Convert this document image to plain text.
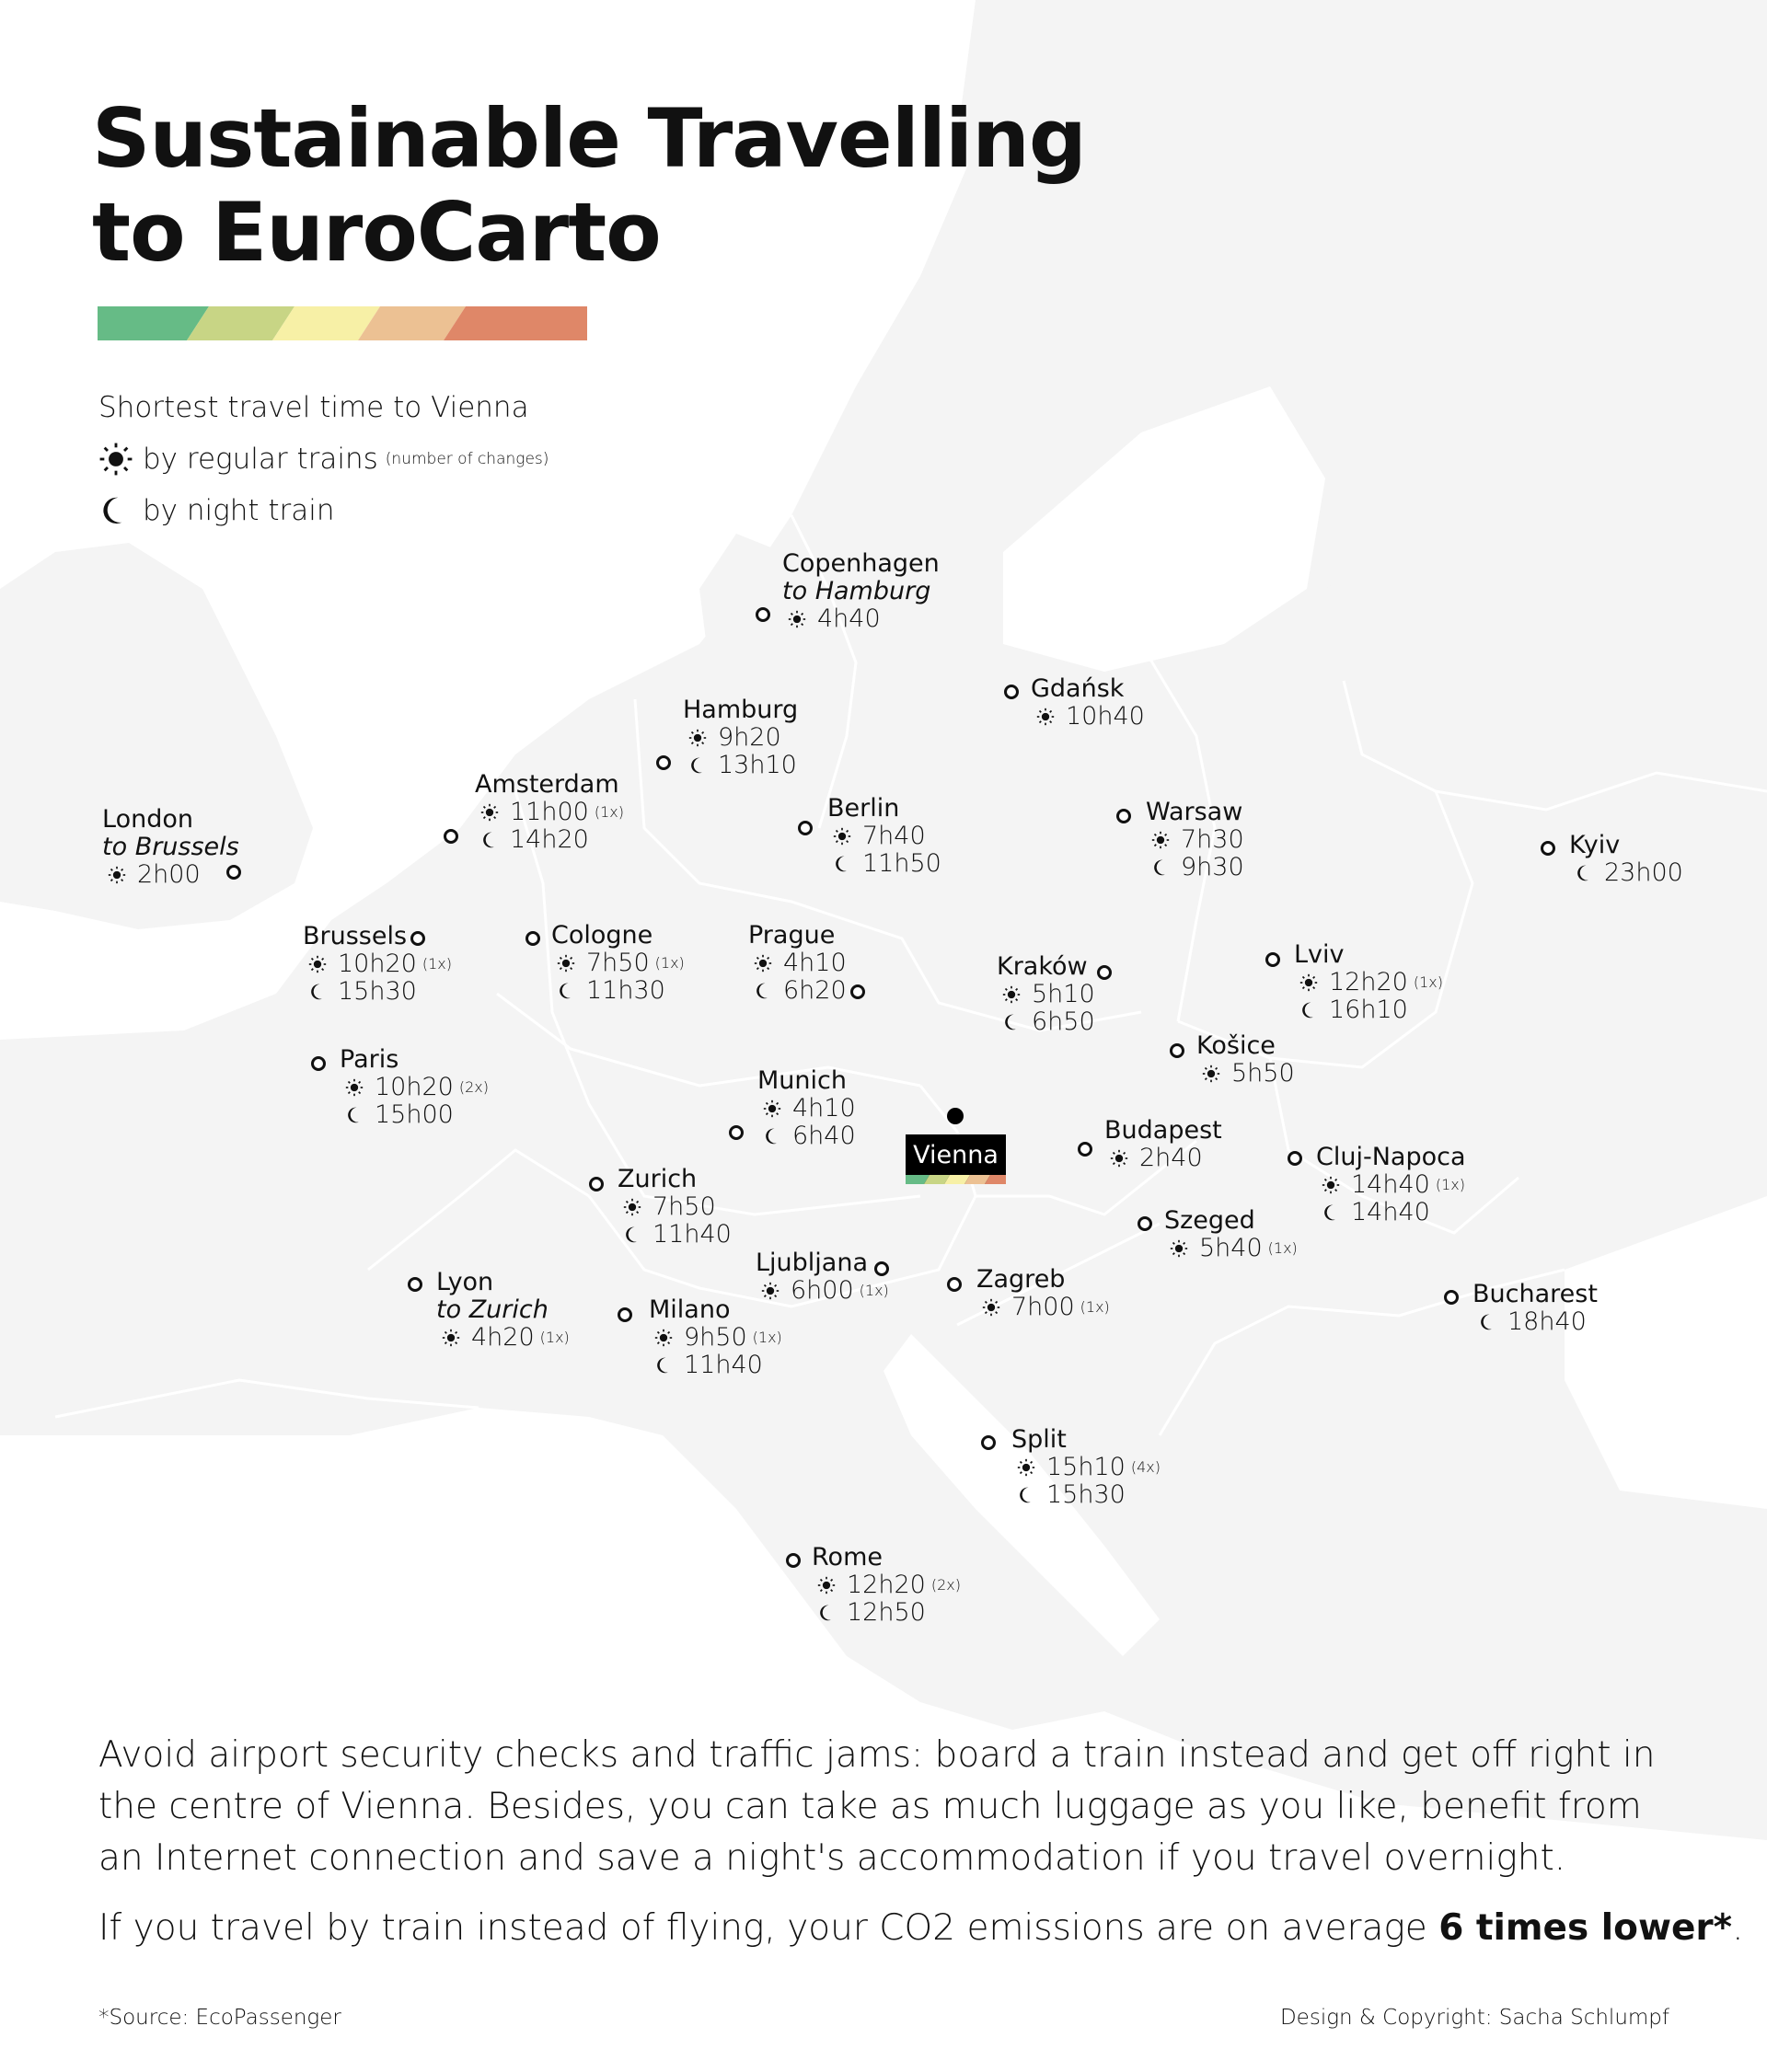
Sustainable Travelling
to EuroCarto
Shortest travel time to Vienna
by regular trains (number of changes)
by night train
Copenhagen
to Hamburg
4h40
Hamburg
9h20
13h10
Gdańsk
10h40
Amsterdam
11h00 (1x)
14h20
London
to Brussels
2h00
Berlin
7h40
11h50
Warsaw
7h30
9h30
Kyiv
23h00
Brussels
10h20 (1x)
15h30
Cologne
7h50 (1x)
11h30
Prague
4h10
6h20
Kraków
5h10
6h50
Lviv
12h20 (1x)
16h10
Košice
5h50
Paris
10h20 (2x)
15h00
Munich
4h10
6h40	Budapest
2h40	Cluj-Napoca
14h40 (1x)
14h40
Zurich
7h50
11h40	Szeged
5h40 (1x)
Ljubljana
6h00 (1x)	Zagreb
7h00 (1x)
Lyon
to Zurich
4h20 (1x)
Milano
9h50 (1x)
11h40
Bucharest
18h40
Split
15h10 (4x)
15h30
Rome
12h20 (2x)
12h50
Vienna

Avoid airport security checks and traffic jams: board a train instead and get off right in the centre of Vienna. Besides, you can take as much luggage as you like, benefit from an Internet connection and save a night's accommodation if you travel overnight.

If you travel by train instead of flying, your CO2 emissions are on average 6 times lower*.

*Source: EcoPassenger	Design & Copyright: Sacha Schlumpf
